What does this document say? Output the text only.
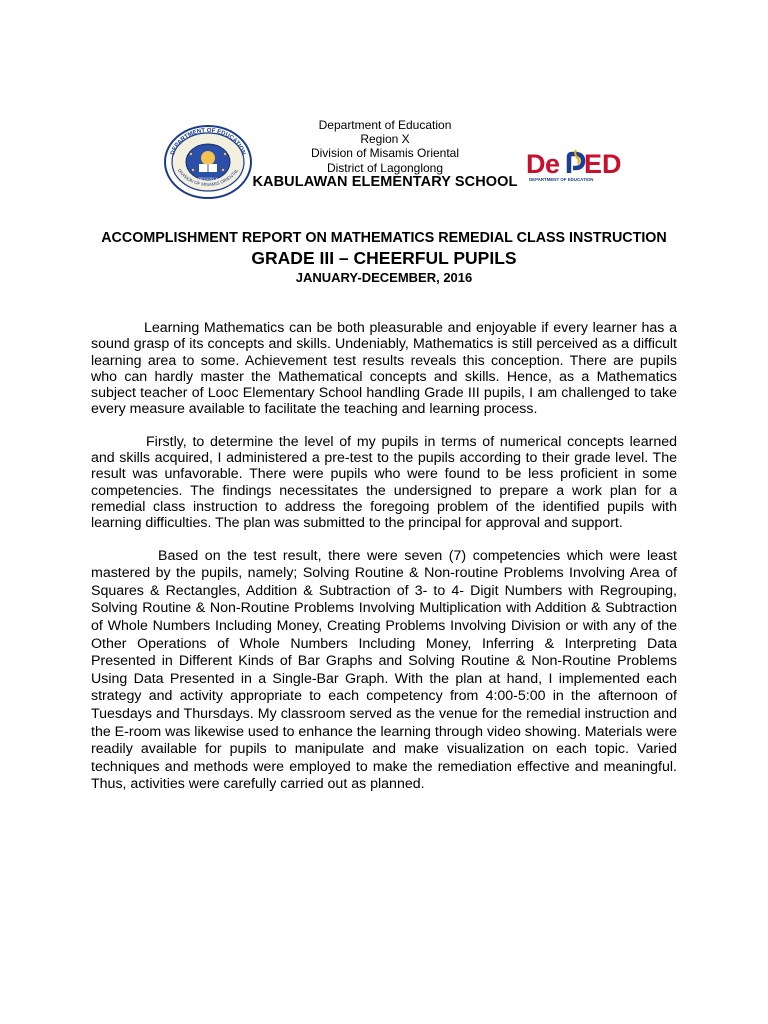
REGION X
DEPARTMENT OF EDUCATION
DIVISION OF MISAMIS ORIENTAL
Department of Education
Region X
Division of Misamis Oriental
District of Lagonglong
KABULAWAN ELEMENTARY SCHOOL
D e ED
DEPARTMENT OF EDUCATION
ACCOMPLISHMENT REPORT ON MATHEMATICS REMEDIAL CLASS INSTRUCTION
GRADE III – CHEERFUL PUPILS
JANUARY-DECEMBER, 2016

Learning Mathematics can be both pleasurable and enjoyable if every learner has a sound grasp of its concepts and skills. Undeniably, Mathematics is still perceived as a difficult learning area to some. Achievement test results reveals this conception. There are pupils who can hardly master the Mathematical concepts and skills. Hence, as a Mathematics subject teacher of Looc Elementary School handling Grade III pupils, I am challenged to take every measure available to facilitate the teaching and learning process.

Firstly, to determine the level of my pupils in terms of numerical concepts learned and skills acquired, I administered a pre-test to the pupils according to their grade level. The result was unfavorable. There were pupils who were found to be less proficient in some competencies. The findings necessitates the undersigned to prepare a work plan for a remedial class instruction to address the foregoing problem of the identified pupils with learning difficulties. The plan was submitted to the principal for approval and support.

Based on the test result, there were seven (7) competencies which were least mastered by the pupils, namely; Solving Routine & Non-routine Problems Involving Area of Squares & Rectangles, Addition & Subtraction of 3- to 4- Digit Numbers with Regrouping, Solving Routine & Non-Routine Problems Involving Multiplication with Addition & Subtraction of Whole Numbers Including Money, Creating Problems Involving Division or with any of the Other Operations of Whole Numbers Including Money, Inferring & Interpreting Data Presented in Different Kinds of Bar Graphs and Solving Routine & Non-Routine Problems Using Data Presented in a Single-Bar Graph. With the plan at hand, I implemented each strategy and activity appropriate to each competency from 4:00-5:00 in the afternoon of Tuesdays and Thursdays. My classroom served as the venue for the remedial instruction and the E-room was likewise used to enhance the learning through video showing. Materials were readily available for pupils to manipulate and make visualization on each topic. Varied techniques and methods were employed to make the remediation effective and meaningful. Thus, activities were carefully carried out as planned.
